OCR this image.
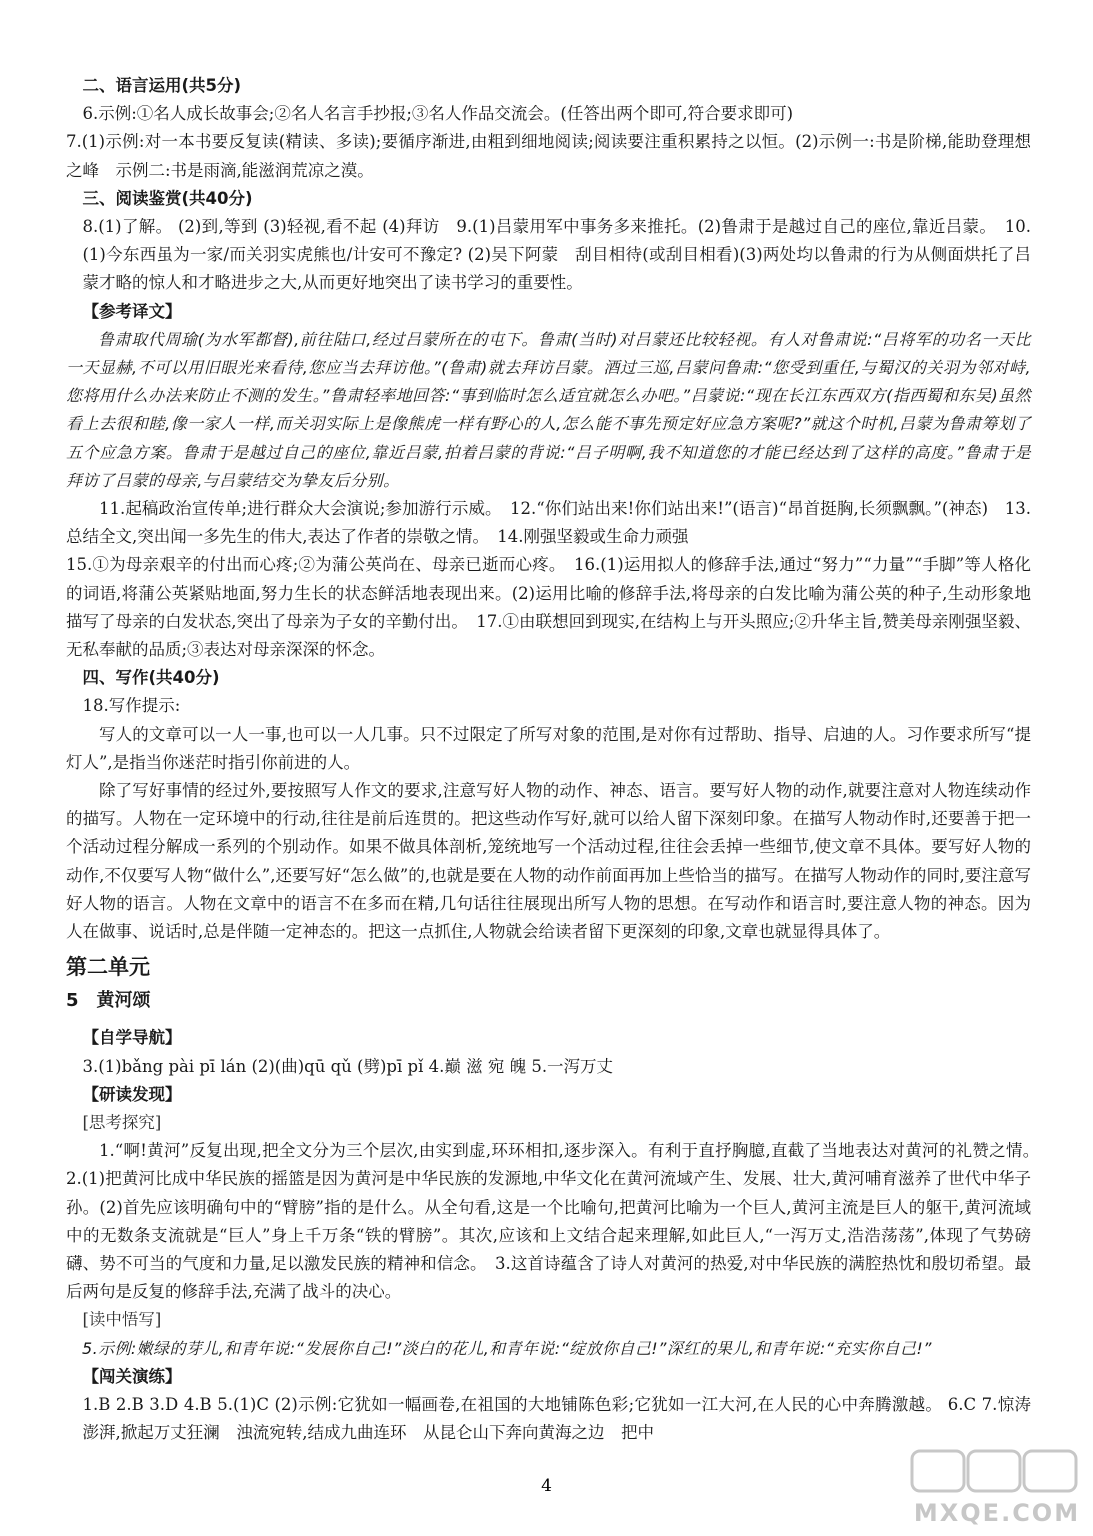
二、语言运用(共5分)

6.示例:①名人成长故事会;②名人名言手抄报;③名人作品交流会。(任答出两个即可,符合要求即可)

7.(1)示例:对一本书要反复读(精读、多读);要循序渐进,由粗到细地阅读;阅读要注重积累持之以恒。(2)示例一:书是阶梯,能助登理想之峰　示例二:书是雨滴,能滋润荒凉之漠。

三、阅读鉴赏(共40分)

8.(1)了解。 (2)到,等到 (3)轻视,看不起 (4)拜访　9.(1)吕蒙用军中事务多来推托。(2)鲁肃于是越过自己的座位,靠近吕蒙。　10.(1)今东西虽为一家/而关羽实虎熊也/计安可不豫定? (2)吴下阿蒙　刮目相待(或刮目相看)(3)两处均以鲁肃的行为从侧面烘托了吕蒙才略的惊人和才略进步之大,从而更好地突出了读书学习的重要性。

【参考译文】

鲁肃取代周瑜(为水军都督),前往陆口,经过吕蒙所在的屯下。鲁肃(当时)对吕蒙还比较轻视。有人对鲁肃说:“吕将军的功名一天比一天显赫,不可以用旧眼光来看待,您应当去拜访他。”(鲁肃)就去拜访吕蒙。酒过三巡,吕蒙问鲁肃:“您受到重任,与蜀汉的关羽为邻对峙,您将用什么办法来防止不测的发生。”鲁肃轻率地回答:“事到临时怎么适宜就怎么办吧。”吕蒙说:“现在长江东西双方(指西蜀和东吴)虽然看上去很和睦,像一家人一样,而关羽实际上是像熊虎一样有野心的人,怎么能不事先预定好应急方案呢?”就这个时机,吕蒙为鲁肃筹划了五个应急方案。鲁肃于是越过自己的座位,靠近吕蒙,拍着吕蒙的背说:“吕子明啊,我不知道您的才能已经达到了这样的高度。”鲁肃于是拜访了吕蒙的母亲,与吕蒙结交为挚友后分别。

11.起稿政治宣传单;进行群众大会演说;参加游行示威。　12.“你们站出来!你们站出来!”(语言)“昂首挺胸,长须飘飘。”(神态)　13.总结全文,突出闻一多先生的伟大,表达了作者的崇敬之情。　14.刚强坚毅或生命力顽强

15.①为母亲艰辛的付出而心疼;②为蒲公英尚在、母亲已逝而心疼。　16.(1)运用拟人的修辞手法,通过“努力”“力量”“手脚”等人格化的词语,将蒲公英紧贴地面,努力生长的状态鲜活地表现出来。(2)运用比喻的修辞手法,将母亲的白发比喻为蒲公英的种子,生动形象地描写了母亲的白发状态,突出了母亲为子女的辛勤付出。　17.①由联想回到现实,在结构上与开头照应;②升华主旨,赞美母亲刚强坚毅、无私奉献的品质;③表达对母亲深深的怀念。

四、写作(共40分)

18.写作提示:

写人的文章可以一人一事,也可以一人几事。只不过限定了所写对象的范围,是对你有过帮助、指导、启迪的人。习作要求所写“提灯人”,是指当你迷茫时指引你前进的人。

除了写好事情的经过外,要按照写人作文的要求,注意写好人物的动作、神态、语言。要写好人物的动作,就要注意对人物连续动作的描写。人物在一定环境中的行动,往往是前后连贯的。把这些动作写好,就可以给人留下深刻印象。在描写人物动作时,还要善于把一个活动过程分解成一系列的个别动作。如果不做具体剖析,笼统地写一个活动过程,往往会丢掉一些细节,使文章不具体。要写好人物的动作,不仅要写人物“做什么”,还要写好“怎么做”的,也就是要在人物的动作前面再加上些恰当的描写。在描写人物动作的同时,要注意写好人物的语言。人物在文章中的语言不在多而在精,几句话往往展现出所写人物的思想。在写动作和语言时,要注意人物的神态。因为人在做事、说话时,总是伴随一定神态的。把这一点抓住,人物就会给读者留下更深刻的印象,文章也就显得具体了。

第二单元

5　黄河颂

【自学导航】

3.(1)bǎng pài pī lán (2)(曲)qū qǔ (劈)pī pǐ 4.巅 滋 宛 魄 5.一泻万丈

【研读发现】

[思考探究]

1.“啊!黄河”反复出现,把全文分为三个层次,由实到虚,环环相扣,逐步深入。有利于直抒胸臆,直截了当地表达对黄河的礼赞之情。　2.(1)把黄河比成中华民族的摇篮是因为黄河是中华民族的发源地,中华文化在黄河流域产生、发展、壮大,黄河哺育滋养了世代中华子孙。(2)首先应该明确句中的“臂膀”指的是什么。从全句看,这是一个比喻句,把黄河比喻为一个巨人,黄河主流是巨人的躯干,黄河流域中的无数条支流就是“巨人”身上千万条“铁的臂膀”。其次,应该和上文结合起来理解,如此巨人,“一泻万丈,浩浩荡荡”,体现了气势磅礴、势不可当的气度和力量,足以激发民族的精神和信念。　3.这首诗蕴含了诗人对黄河的热爱,对中华民族的满腔热忱和殷切希望。最后两句是反复的修辞手法,充满了战斗的决心。

[读中悟写]

5.示例:嫩绿的芽儿,和青年说:“发展你自己!”淡白的花儿,和青年说:“绽放你自己!”深红的果儿,和青年说:“充实你自己!”

【闯关演练】

1.B 2.B 3.D 4.B 5.(1)C (2)示例:它犹如一幅画卷,在祖国的大地铺陈色彩;它犹如一江大河,在人民的心中奔腾激越。 6.C 7.惊涛澎湃,掀起万丈狂澜　浊流宛转,结成九曲连环　从昆仑山下奔向黄海之边　把中

4
MXQE.COM
